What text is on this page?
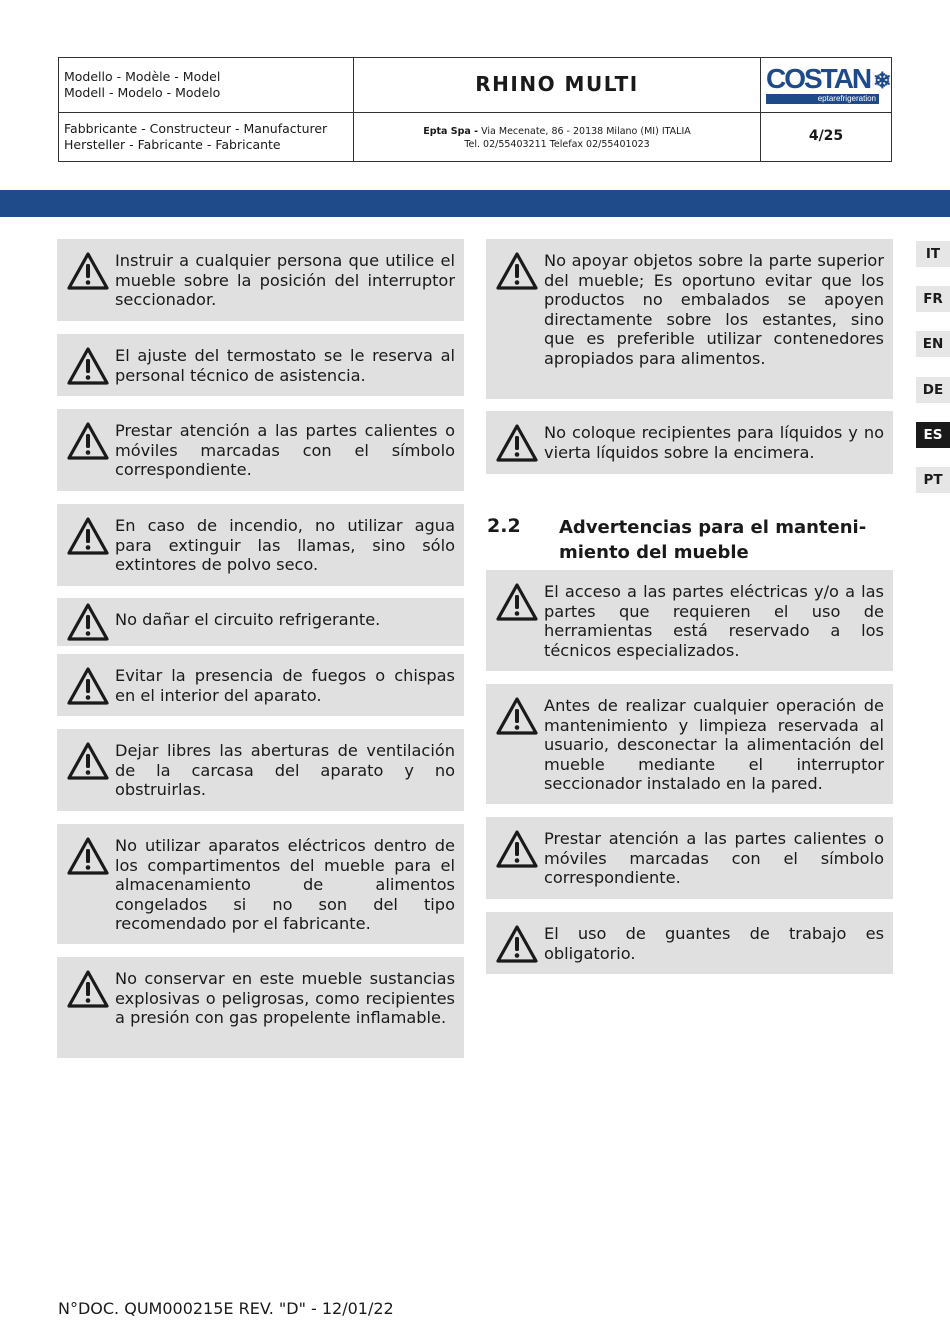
Modello - Modèle - Model
Modell - Modelo - Modelo	RHINO MULTI	COSTAN ❄
eptarefrigeration
Fabbricante - Constructeur - Manufacturer
Hersteller - Fabricante - Fabricante
Epta Spa - Via Mecenate, 86 - 20138 Milano (MI) ITALIA
Tel. 02/55403211 Telefax 02/55401023
4/25
IT
FR
EN
DE
ES
PT
Instruir a cualquier persona que utilice el mueble sobre la posición del interruptor seccionador.
El ajuste del termostato se le reserva al personal técnico de asistencia.
Prestar atención a las partes calientes o móviles marcadas con el símbolo correspondiente.
En caso de incendio, no utilizar agua para extinguir las llamas, sino sólo extintores de polvo seco.
No dañar el circuito refrigerante.
Evitar la presencia de fuegos o chispas en el interior del aparato.
Dejar libres las aberturas de ventilación de la carcasa del aparato y no obstruirlas.
No utilizar aparatos eléctricos dentro de los compartimentos del mueble para el almacenamiento de alimentos congelados si no son del tipo recomendado por el fabricante.
No conservar en este mueble sustancias explosivas o peligrosas, como recipientes a presión con gas propelente inflamable.
No apoyar objetos sobre la parte superior del mueble; Es oportuno evitar que los productos no embalados se apoyen directamente sobre los estantes, sino que es preferible utilizar contenedores apropiados para alimentos.
No coloque recipientes para líquidos y no vierta líquidos sobre la encimera.
2.2 Advertencias para el manteni-
miento del mueble
El acceso a las partes eléctricas y/o a las partes que requieren el uso de herramientas está reservado a los técnicos especializados.
Antes de realizar cualquier operación de mantenimiento y limpieza reservada al usuario, desconectar la alimentación del mueble mediante el interruptor seccionador instalado en la pared.
Prestar atención a las partes calientes o móviles marcadas con el símbolo correspondiente.
El uso de guantes de trabajo es obligatorio.
N°DOC. QUM000215E REV. "D" - 12/01/22
